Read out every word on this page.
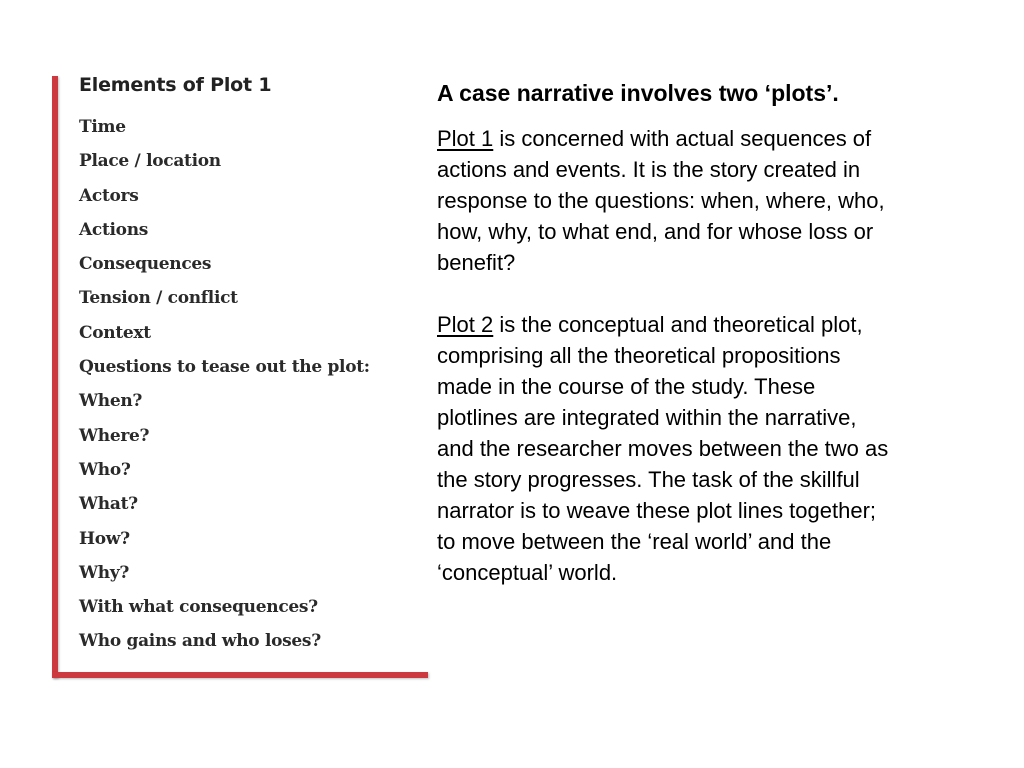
Elements of Plot 1
Time
Place / location
Actors
Actions
Consequences
Tension / conflict
Context
Questions to tease out the plot:
When?
Where?
Who?
What?
How?
Why?
With what consequences?
Who gains and who loses?

A case narrative involves two ‘plots’.

Plot 1 is concerned with actual sequences of
actions and events. It is the story created in
response to the questions: when, where, who,
how, why, to what end, and for whose loss or
benefit?

Plot 2 is the conceptual and theoretical plot,
comprising all the theoretical propositions
made in the course of the study. These
plotlines are integrated within the narrative,
and the researcher moves between the two as
the story progresses. The task of the skillful
narrator is to weave these plot lines together;
to move between the ‘real world’ and the
‘conceptual’ world.
